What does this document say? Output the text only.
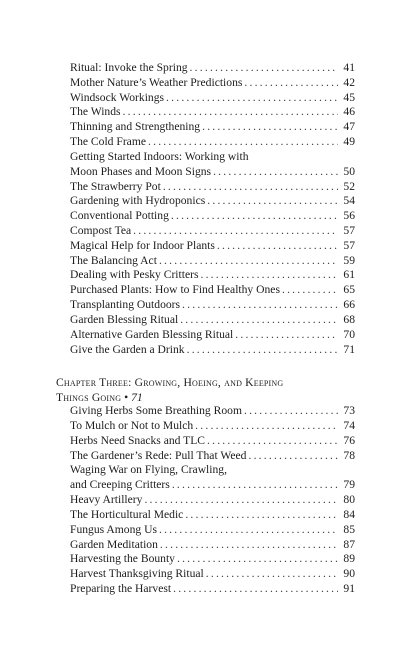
Ritual: Invoke the Spring .....	41
Mother Nature’s Weather Predictions .....	42
Windsock Workings .....	45
The Winds .....	46
Thinning and Strengthening .....	47
The Cold Frame .....	49
Getting Started Indoors: Working with
Moon Phases and Moon Signs .....	50
The Strawberry Pot .....	52
Gardening with Hydroponics .....	54
Conventional Potting .....	56
Compost Tea .....	57
Magical Help for Indoor Plants .....	57
The Balancing Act .....	59
Dealing with Pesky Critters .....	61
Purchased Plants: How to Find Healthy Ones .....	65
Transplanting Outdoors .....	66
Garden Blessing Ritual .....	68
Alternative Garden Blessing Ritual .....	70
Give the Garden a Drink .....	71
Chapter Three: Growing, Hoeing, and Keeping
Things Going • 71
Giving Herbs Some Breathing Room .....	73
To Mulch or Not to Mulch .....	74
Herbs Need Snacks and TLC .....	76
The Gardener’s Rede: Pull That Weed .....	78
Waging War on Flying, Crawling,
and Creeping Critters .....	79
Heavy Artillery .....	80
The Horticultural Medic .....	84
Fungus Among Us .....	85
Garden Meditation .....	87
Harvesting the Bounty .....	89
Harvest Thanksgiving Ritual .....	90
Preparing the Harvest .....	91
